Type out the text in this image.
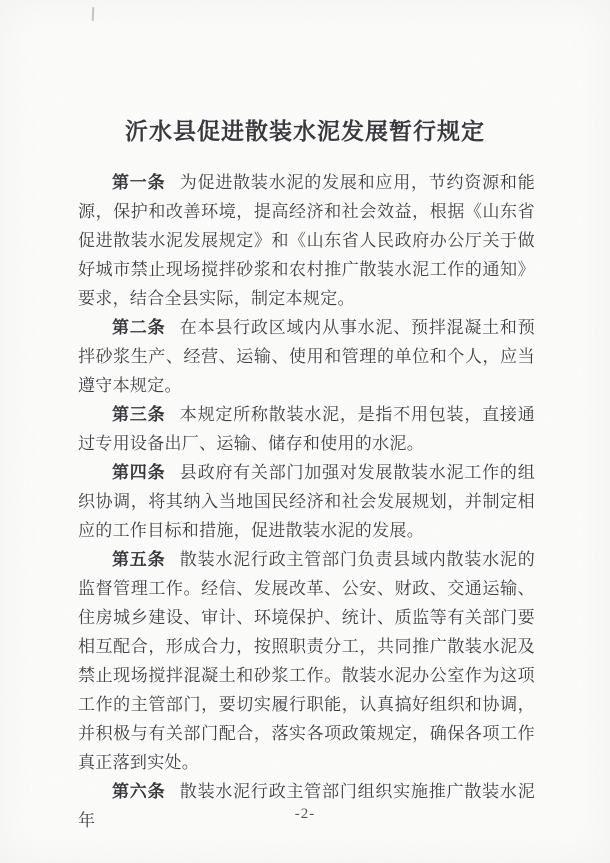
沂水县促进散装水泥发展暂行规定

第一条 为促进散装水泥的发展和应用，节约资源和能源，保护和改善环境，提高经济和社会效益，根据《山东省促进散装水泥发展规定》和《山东省人民政府办公厅关于做好城市禁止现场搅拌砂浆和农村推广散装水泥工作的通知》要求，结合全县实际，制定本规定。

第二条 在本县行政区域内从事水泥、预拌混凝土和预拌砂浆生产、经营、运输、使用和管理的单位和个人，应当遵守本规定。

第三条 本规定所称散装水泥，是指不用包装，直接通过专用设备出厂、运输、储存和使用的水泥。

第四条 县政府有关部门加强对发展散装水泥工作的组织协调，将其纳入当地国民经济和社会发展规划，并制定相应的工作目标和措施，促进散装水泥的发展。

第五条 散装水泥行政主管部门负责县域内散装水泥的监督管理工作。经信、发展改革、公安、财政、交通运输、住房城乡建设、审计、环境保护、统计、质监等有关部门要相互配合，形成合力，按照职责分工，共同推广散装水泥及禁止现场搅拌混凝土和砂浆工作。散装水泥办公室作为这项工作的主管部门，要切实履行职能，认真搞好组织和协调，并积极与有关部门配合，落实各项政策规定，确保各项工作真正落到实处。

第六条 散装水泥行政主管部门组织实施推广散装水泥年	-2-
